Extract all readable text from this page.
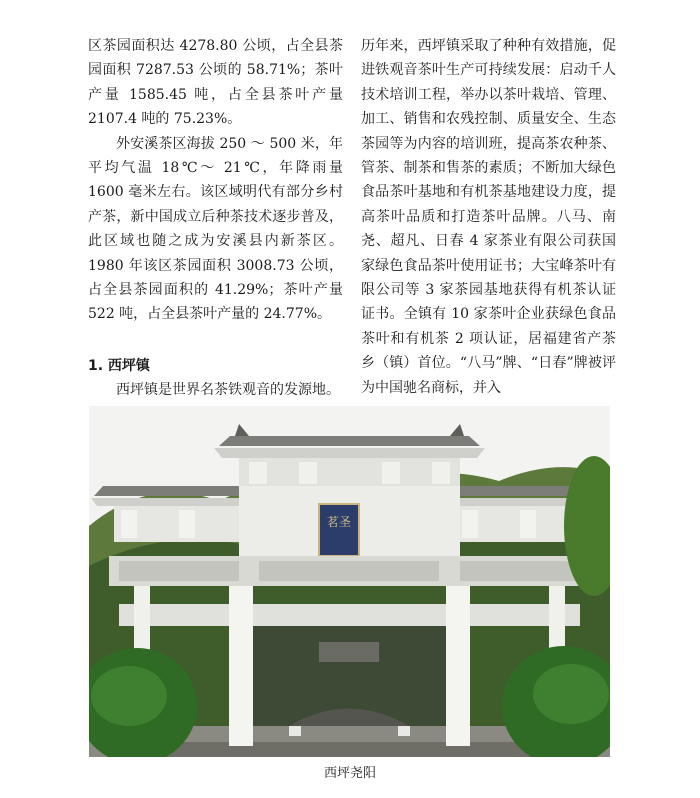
区茶园面积达 4278.80 公顷，占全县茶园面积 7287.53 公顷的 58.71%；茶叶产量 1585.45 吨，占全县茶叶产量 2107.4 吨的 75.23%。

外安溪茶区海拔 250 ～ 500 米，年平均气温 18℃～ 21℃，年降雨量 1600 毫米左右。该区域明代有部分乡村产茶，新中国成立后种茶技术逐步普及，此区域也随之成为安溪县内新茶区。1980 年该区茶园面积 3008.73 公顷，占全县茶园面积的 41.29%；茶叶产量 522 吨，占全县茶叶产量的 24.77%。

1. 西坪镇

西坪镇是世界名茶铁观音的发源地。

历年来，西坪镇采取了种种有效措施，促进铁观音茶叶生产可持续发展：启动千人技术培训工程，举办以茶叶栽培、管理、加工、销售和农残控制、质量安全、生态茶园等为内容的培训班，提高茶农种茶、管茶、制茶和售茶的素质；不断加大绿色食品茶叶基地和有机茶基地建设力度，提高茶叶品质和打造茶叶品牌。八马、南尧、超凡、日春 4 家茶业有限公司获国家绿色食品茶叶使用证书；大宝峰茶叶有限公司等 3 家茶园基地获得有机茶认证证书。全镇有 10 家茶叶企业获绿色食品茶叶和有机茶 2 项认证，居福建省产茶乡（镇）首位。“八马”牌、“日春”牌被评为中国驰名商标，并入

茗圣
西坪尧阳
